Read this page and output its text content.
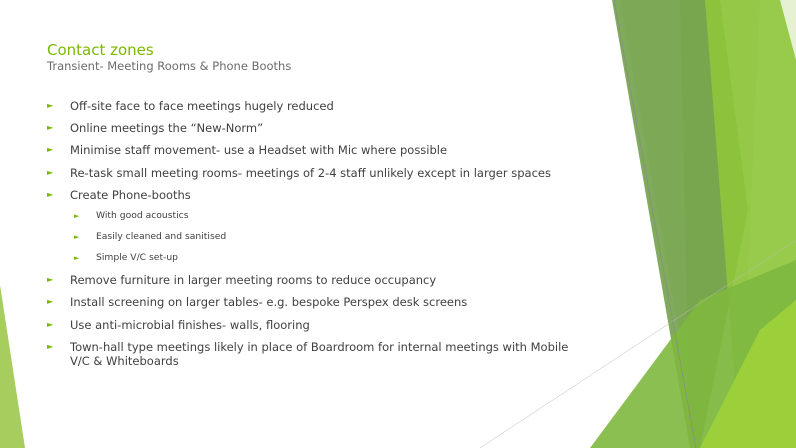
Contact zones
Transient- Meeting Rooms & Phone Booths
► Off-site face to face meetings hugely reduced
► Online meetings the “New-Norm”
► Minimise staff movement- use a Headset with Mic where possible
► Re-task small meeting rooms- meetings of 2-4 staff unlikely except in larger spaces
► Create Phone-booths
► With good acoustics
► Easily cleaned and sanitised
► Simple V/C set-up
► Remove furniture in larger meeting rooms to reduce occupancy
► Install screening on larger tables- e.g. bespoke Perspex desk screens
► Use anti-microbial finishes- walls, flooring
► Town-hall type meetings likely in place of Boardroom for internal meetings with Mobile V/C & Whiteboards
